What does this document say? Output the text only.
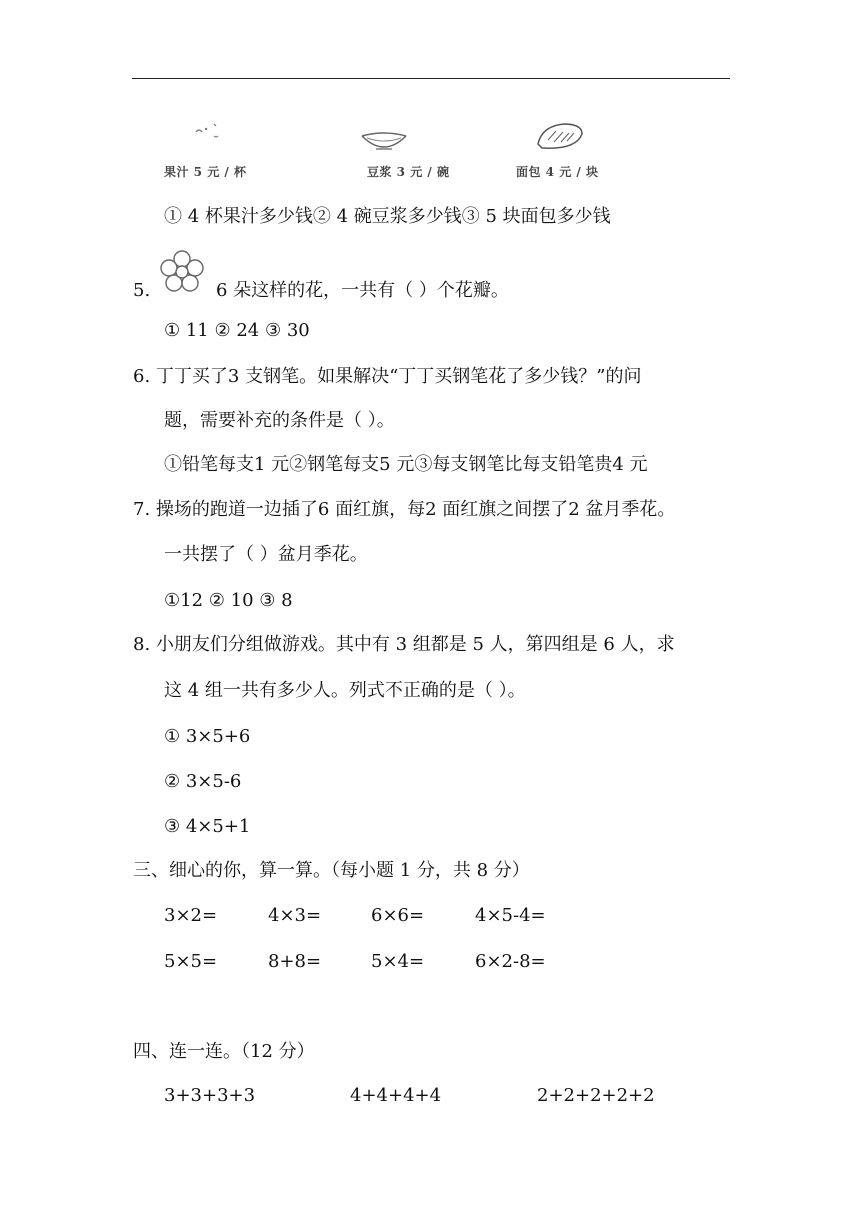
果汁 5 元 / 杯	豆浆 3 元 / 碗	面包 4 元 / 块
① 4 杯果汁多少钱② 4 碗豆浆多少钱③ 5 块面包多少钱
5.	6 朵这样的花，一共有（ ）个花瓣。
① 11 ② 24 ③ 30
6. 丁丁买了3 支钢笔。如果解决“丁丁买钢笔花了多少钱？”的问
题，需要补充的条件是（ ）。
①铅笔每支1 元②钢笔每支5 元③每支钢笔比每支铅笔贵4 元
7. 操场的跑道一边插了6 面红旗，每2 面红旗之间摆了2 盆月季花。
一共摆了（ ）盆月季花。
①12 ② 10 ③ 8
8. 小朋友们分组做游戏。其中有 3 组都是 5 人，第四组是 6 人，求
这 4 组一共有多少人。列式不正确的是（ ）。
① 3×5+6
② 3×5-6
③ 4×5+1
三、细心的你，算一算。（每小题 1 分，共 8 分）
3×2=	4×3=	6×6=	4×5-4=
5×5=	8+8=	5×4=	6×2-8=
四、连一连。（12 分）
3+3+3+3	4+4+4+4	2+2+2+2+2
